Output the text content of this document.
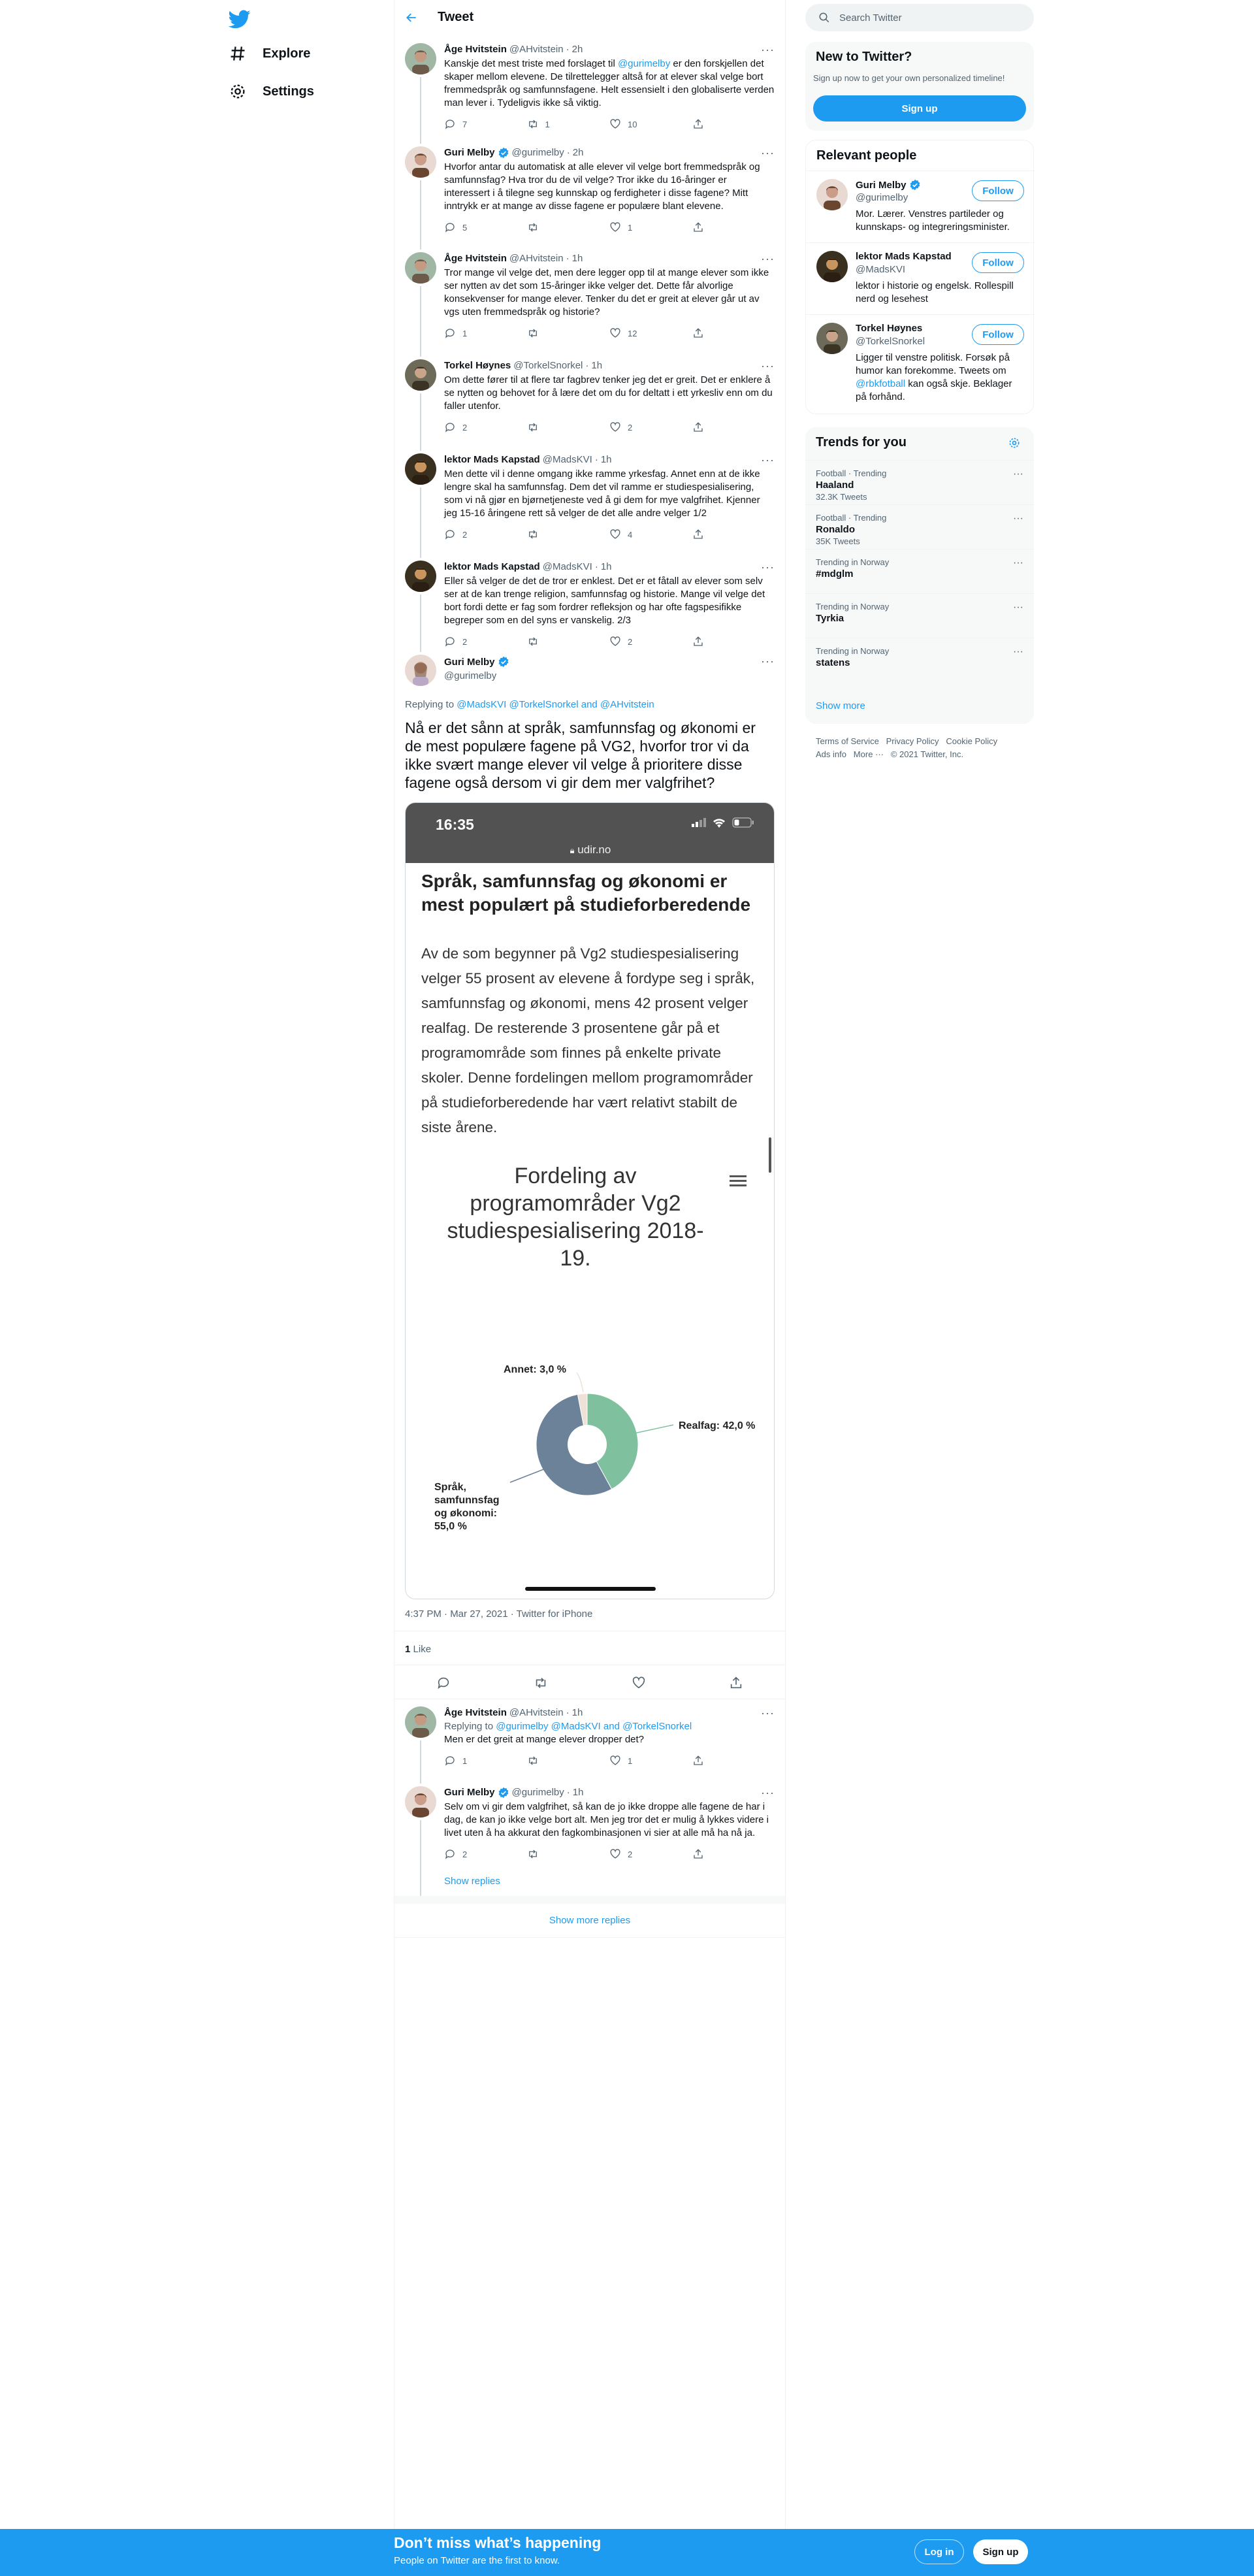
Explore
Settings
Tweet
···
Åge Hvitstein @AHvitstein · 2h
Kanskje det mest triste med forslaget til @gurimelby er den forskjellen det skaper mellom elevene. De tilrettelegger altså for at elever skal velge bort fremmedspråk og samfunnsfagene. Helt essensielt i den globaliserte verden man lever i. Tydeligvis ikke så viktig.
7	1	10
···
Guri Melby @gurimelby · 2h
Hvorfor antar du automatisk at alle elever vil velge bort fremmedspråk og samfunnsfag? Hva tror du de vil velge? Tror ikke du 16-åringer er interessert i å tilegne seg kunnskap og ferdigheter i disse fagene? Mitt inntrykk er at mange av disse fagene er populære blant elevene.
5	1
···
Åge Hvitstein @AHvitstein · 1h
Tror mange vil velge det, men dere legger opp til at mange elever som ikke ser nytten av det som 15-åringer ikke velger det. Dette får alvorlige konsekvenser for mange elever. Tenker du det er greit at elever går ut av vgs uten fremmedspråk og historie?
1	12
···
Torkel Høynes @TorkelSnorkel · 1h
Om dette fører til at flere tar fagbrev tenker jeg det er greit. Det er enklere å se nytten og behovet for å lære det om du for deltatt i ett yrkesliv enn om du faller utenfor.
2	2
···
lektor Mads Kapstad @MadsKVI · 1h
Men dette vil i denne omgang ikke ramme yrkesfag. Annet enn at de ikke lengre skal ha samfunnsfag. Dem det vil ramme er studiespesialisering, som vi nå gjør en bjørnetjeneste ved å gi dem for mye valgfrihet. Kjenner jeg 15-16 åringene rett så velger de det alle andre velger 1/2
2	4
···
lektor Mads Kapstad @MadsKVI · 1h
Eller så velger de det de tror er enklest. Det er et fåtall av elever som selv ser at de kan trenge religion, samfunnsfag og historie. Mange vil velge det bort fordi dette er fag som fordrer refleksjon og har ofte fagspesifikke begreper som en del syns er vanskelig. 2/3
2	2
Guri Melby
@gurimelby
···
Replying to @MadsKVI @TorkelSnorkel and @AHvitstein
Nå er det sånn at språk, samfunnsfag og økonomi er de mest populære fagene på VG2, hvorfor tror vi da ikke svært mange elever vil velge å prioritere disse fagene også dersom vi gir dem mer valgfrihet?
16:35
🔒︎ udir.no
Språk, samfunnsfag og økonomi er mest populært på studieforberedende

Av de som begynner på Vg2 studiespesialisering velger 55 prosent av elevene å fordype seg i språk, samfunnsfag og økonomi, mens 42 prosent velger realfag. De resterende 3 prosentene går på et programområde som finnes på enkelte private skoler. Denne fordelingen mellom programområder på studieforberedende har vært relativt stabilt de siste årene.

Fordeling av programområder Vg2 studiespesialisering 2018-19.
Annet: 3,0 %
Realfag: 42,0 %
Språk,
samfunnsfag
og økonomi:
55,0 %
4:37 PM · Mar 27, 2021 · Twitter for iPhone
1 Like
···
Åge Hvitstein @AHvitstein · 1h
Replying to @gurimelby @MadsKVI and @TorkelSnorkel
Men er det greit at mange elever dropper det?
1	1
···
Guri Melby @gurimelby · 1h
Selv om vi gir dem valgfrihet, så kan de jo ikke droppe alle fagene de har i dag, de kan jo ikke velge bort alt. Men jeg tror det er mulig å lykkes videre i livet uten å ha akkurat den fagkombinasjonen vi sier at alle må ha nå ja.
2	2
Show replies
Show more replies
Search Twitter
New to Twitter?
Sign up now to get your own personalized timeline!
Sign up
Relevant people
Guri Melby
@gurimelby
Mor. Lærer. Venstres partileder og kunnskaps- og integreringsminister.
Follow
lektor Mads Kapstad
@MadsKVI
lektor i historie og engelsk. Rollespill nerd og lesehest
Follow
Torkel Høynes
@TorkelSnorkel
Ligger til venstre politisk. Forsøk på humor kan forekomme. Tweets om @rbkfotball kan også skje. Beklager på forhånd.
Follow
Trends for you
Football · Trending
Haaland
32.3K Tweets
···
Football · Trending
Ronaldo
35K Tweets
···
Trending in Norway
#mdglm
···
Trending in Norway
Tyrkia
···
Trending in Norway
statens
···
Show more
Terms of Service   Privacy Policy   Cookie Policy
Ads info   More ···   © 2021 Twitter, Inc.
Don’t miss what’s happening
People on Twitter are the first to know.
Log in	Sign up
